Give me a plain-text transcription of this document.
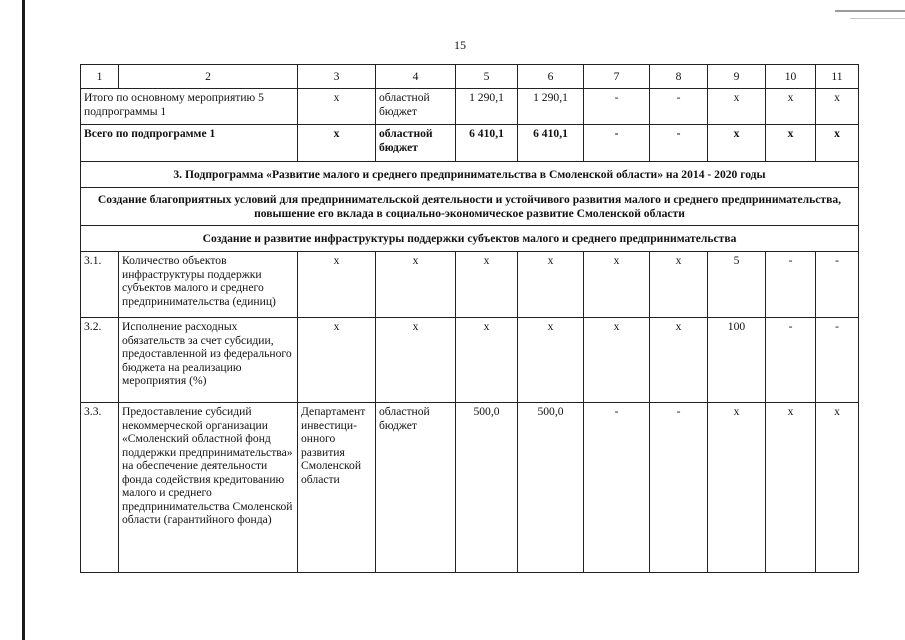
15
1	2	3	4	5	6	7	8	9	10	11
Итого по основному мероприятию 5 подпрограммы 1		х	областной бюджет	1 290,1	1 290,1	-	-	х	х	х
Всего по подпрограмме 1		х	областной бюджет	6 410,1	6 410,1	-	-	х	х	х
3. Подпрограмма «Развитие малого и среднего предпринимательства в Смоленской области» на 2014 - 2020 годы										
Создание благоприятных условий для предпринимательской деятельности и устойчивого развития малого и среднего предпринимательства, повышение его вклада в социально-экономическое развитие Смоленской области										
Создание и развитие инфраструктуры поддержки субъектов малого и среднего предпринимательства										
3.1.	Количество объектов инфраструктуры поддержки субъектов малого и среднего предпринимательства (единиц)	х	х	х	х	х	х	5	-	-
3.2.	Исполнение расходных обязательств за счет субсидии, предоставленной из федерального бюджета на реализацию мероприятия (%)	х	х	х	х	х	х	100	-	-
3.3.	Предоставление субсидий некоммерческой организации «Смоленский областной фонд поддержки предпринимательства» на обеспечение деятельности фонда содействия кредитованию малого и среднего предпринимательства Смоленской области (гарантийного фонда)	Департамент инвестици-онного развития Смоленской области	областной бюджет	500,0	500,0	-	-	х	х	х
